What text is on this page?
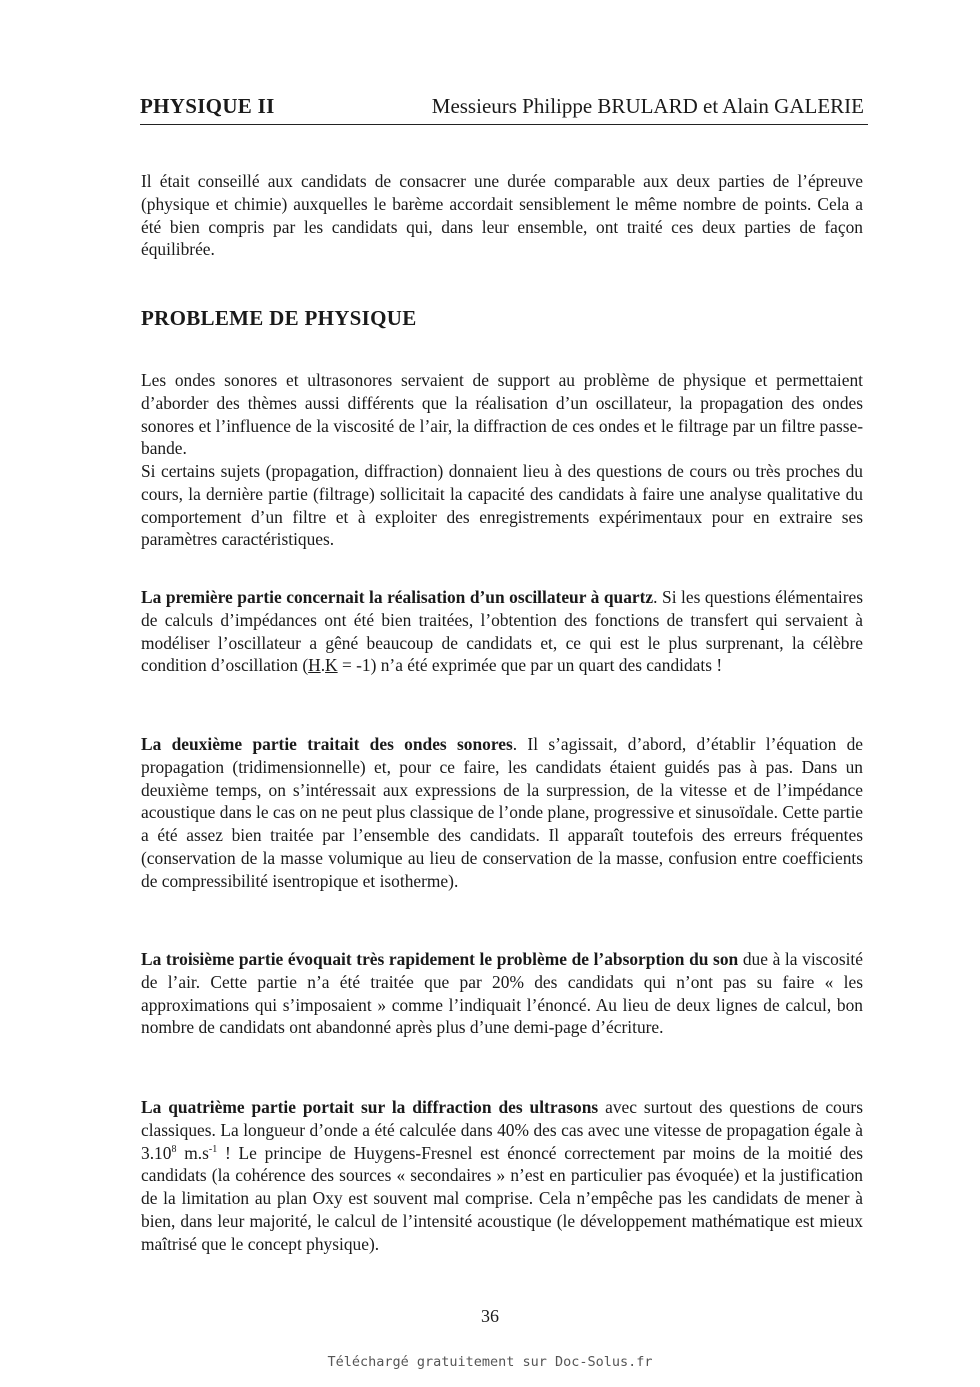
PHYSIQUE II	Messieurs Philippe BRULARD et Alain GALERIE

Il était conseillé aux candidats de consacrer une durée comparable aux deux parties de l’épreuve (physique et chimie) auxquelles le barème accordait sensiblement le même nombre de points. Cela a été bien compris par les candidats qui, dans leur ensemble, ont traité ces deux parties de façon équilibrée.

PROBLEME DE PHYSIQUE

Les ondes sonores et ultrasonores servaient de support au problème de physique et permettaient d’aborder des thèmes aussi différents que la réalisation d’un oscillateur, la propagation des ondes sonores et l’influence de la viscosité de l’air, la diffraction de ces ondes et le filtrage par un filtre passe-bande.

Si certains sujets (propagation, diffraction) donnaient lieu à des questions de cours ou très proches du cours, la dernière partie (filtrage) sollicitait la capacité des candidats à faire une analyse qualitative du comportement d’un filtre et à exploiter des enregistrements expérimentaux pour en extraire ses paramètres caractéristiques.

La première partie concernait la réalisation d’un oscillateur à quartz. Si les questions élémentaires de calculs d’impédances ont été bien traitées, l’obtention des fonctions de transfert qui servaient à modéliser l’oscillateur a gêné beaucoup de candidats et, ce qui est le plus surprenant, la célèbre condition d’oscillation (H.K = -1) n’a été exprimée que par un quart des candidats !

La deuxième partie traitait des ondes sonores. Il s’agissait, d’abord, d’établir l’équation de propagation (tridimensionnelle) et, pour ce faire, les candidats étaient guidés pas à pas. Dans un deuxième temps, on s’intéressait aux expressions de la surpression, de la vitesse et de l’impédance acoustique dans le cas on ne peut plus classique de l’onde plane, progressive et sinusoïdale. Cette partie a été assez bien traitée par l’ensemble des candidats. Il apparaît toutefois des erreurs fréquentes (conservation de la masse volumique au lieu de conservation de la masse, confusion entre coefficients de compressibilité isentropique et isotherme).

La troisième partie évoquait très rapidement le problème de l’absorption du son due à la viscosité de l’air. Cette partie n’a été traitée que par 20% des candidats qui n’ont pas su faire « les approximations qui s’imposaient » comme l’indiquait l’énoncé. Au lieu de deux lignes de calcul, bon nombre de candidats ont abandonné après plus d’une demi-page d’écriture.

La quatrième partie portait sur la diffraction des ultrasons avec surtout des questions de cours classiques. La longueur d’onde a été calculée dans 40% des cas avec une vitesse de propagation égale à 3.10$^8$ $m.s^{-1}$ ! Le principe de Huygens-Fresnel est énoncé correctement par moins de la moitié des candidats (la cohérence des sources « secondaires » n’est en particulier pas évoquée) et la justification de la limitation au plan Oxy est souvent mal comprise. Cela n’empêche pas les candidats de mener à bien, dans leur majorité, le calcul de l’intensité acoustique (le développement mathématique est mieux maîtrisé que le concept physique).

36
Téléchargé gratuitement sur Doc-Solus.fr
